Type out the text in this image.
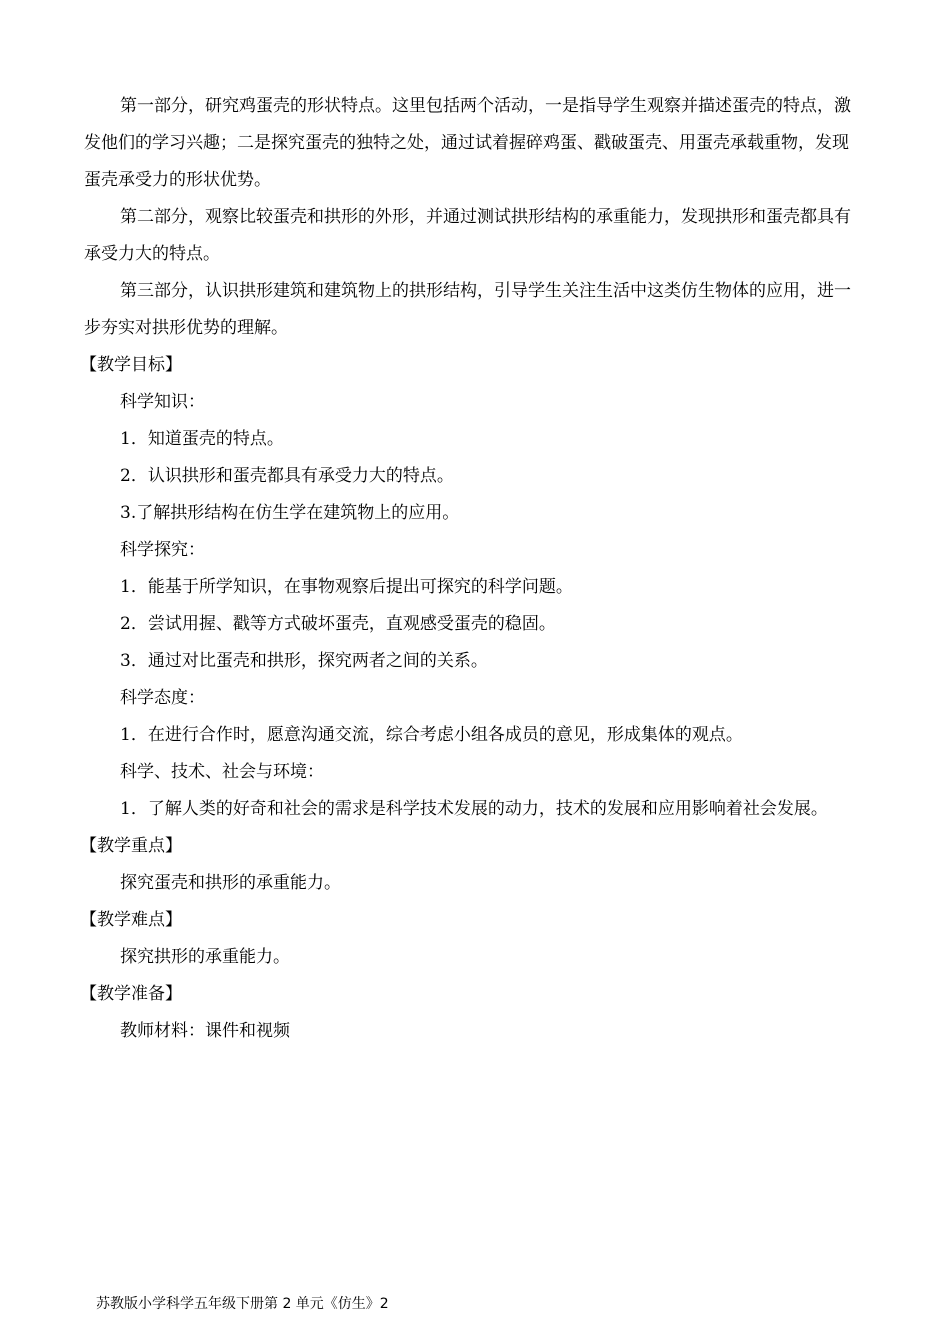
第一部分，研究鸡蛋壳的形状特点。这里包括两个活动，一是指导学生观察并描述蛋壳的特点，激发他们的学习兴趣；二是探究蛋壳的独特之处，通过试着握碎鸡蛋、戳破蛋壳、用蛋壳承载重物，发现蛋壳承受力的形状优势。

第二部分，观察比较蛋壳和拱形的外形，并通过测试拱形结构的承重能力，发现拱形和蛋壳都具有承受力大的特点。

第三部分，认识拱形建筑和建筑物上的拱形结构，引导学生关注生活中这类仿生物体的应用，进一步夯实对拱形优势的理解。

【教学目标】

科学知识：

1．知道蛋壳的特点。

2．认识拱形和蛋壳都具有承受力大的特点。

3.了解拱形结构在仿生学在建筑物上的应用。

科学探究：

1．能基于所学知识，在事物观察后提出可探究的科学问题。

2．尝试用握、戳等方式破坏蛋壳，直观感受蛋壳的稳固。

3．通过对比蛋壳和拱形，探究两者之间的关系。

科学态度：

1．在进行合作时，愿意沟通交流，综合考虑小组各成员的意见，形成集体的观点。

科学、技术、社会与环境：

1．了解人类的好奇和社会的需求是科学技术发展的动力，技术的发展和应用影响着社会发展。

【教学重点】

探究蛋壳和拱形的承重能力。

【教学难点】

探究拱形的承重能力。

【教学准备】

教师材料：课件和视频

苏教版小学科学五年级下册第 2 单元《仿生》2
